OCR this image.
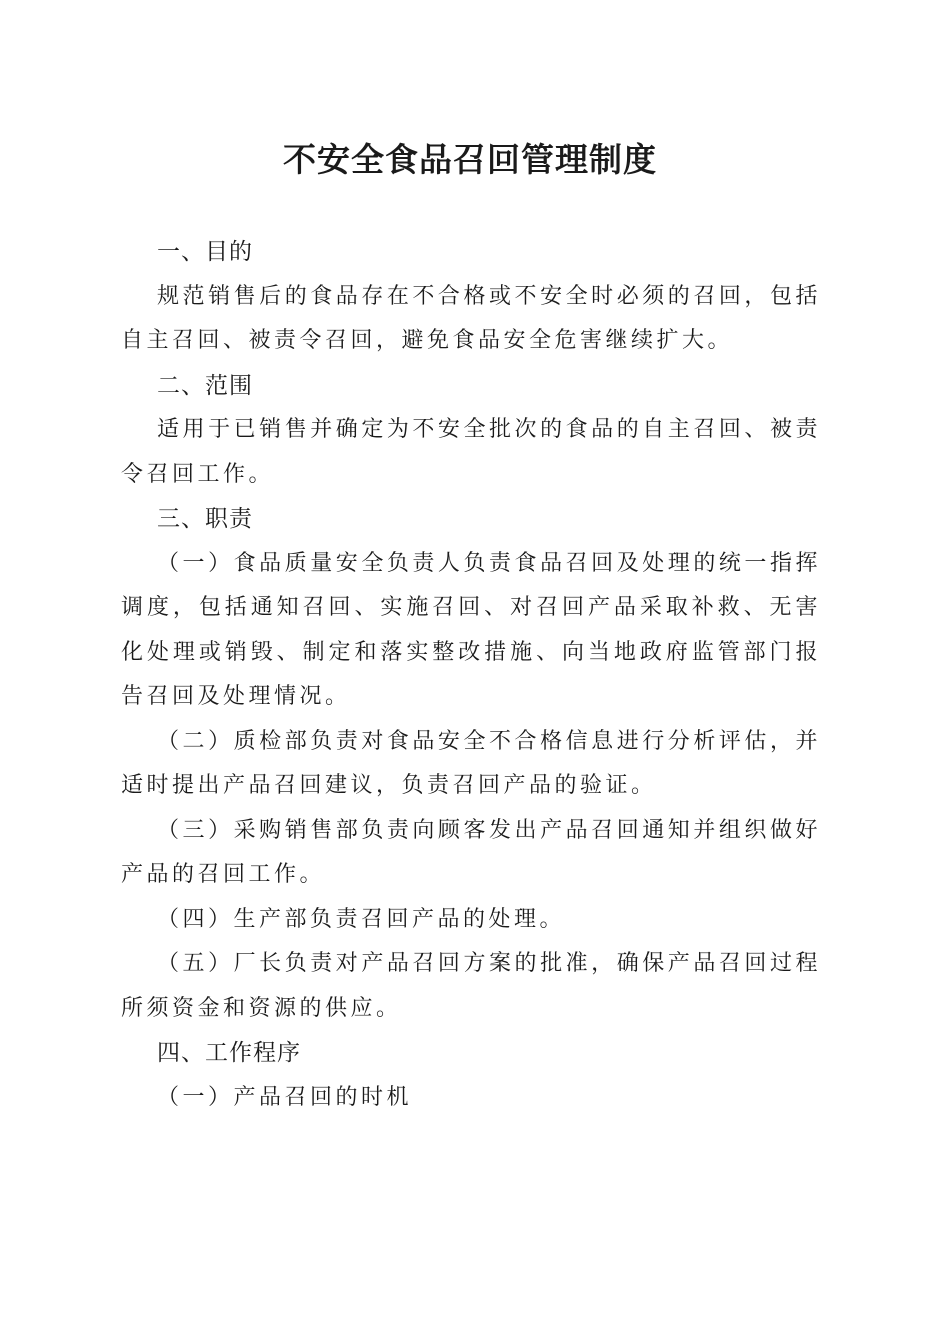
不安全食品召回管理制度

一、目的

规范销售后的食品存在不合格或不安全时必须的召回，包括自主召回、被责令召回，避免食品安全危害继续扩大。

二、范围

适用于已销售并确定为不安全批次的食品的自主召回、被责令召回工作。

三、职责

（一）食品质量安全负责人负责食品召回及处理的统一指挥调度，包括通知召回、实施召回、对召回产品采取补救、无害化处理或销毁、制定和落实整改措施、向当地政府监管部门报告召回及处理情况。

（二）质检部负责对食品安全不合格信息进行分析评估，并适时提出产品召回建议，负责召回产品的验证。

（三）采购销售部负责向顾客发出产品召回通知并组织做好产品的召回工作。

（四）生产部负责召回产品的处理。

（五）厂长负责对产品召回方案的批准，确保产品召回过程所须资金和资源的供应。

四、工作程序

（一）产品召回的时机
